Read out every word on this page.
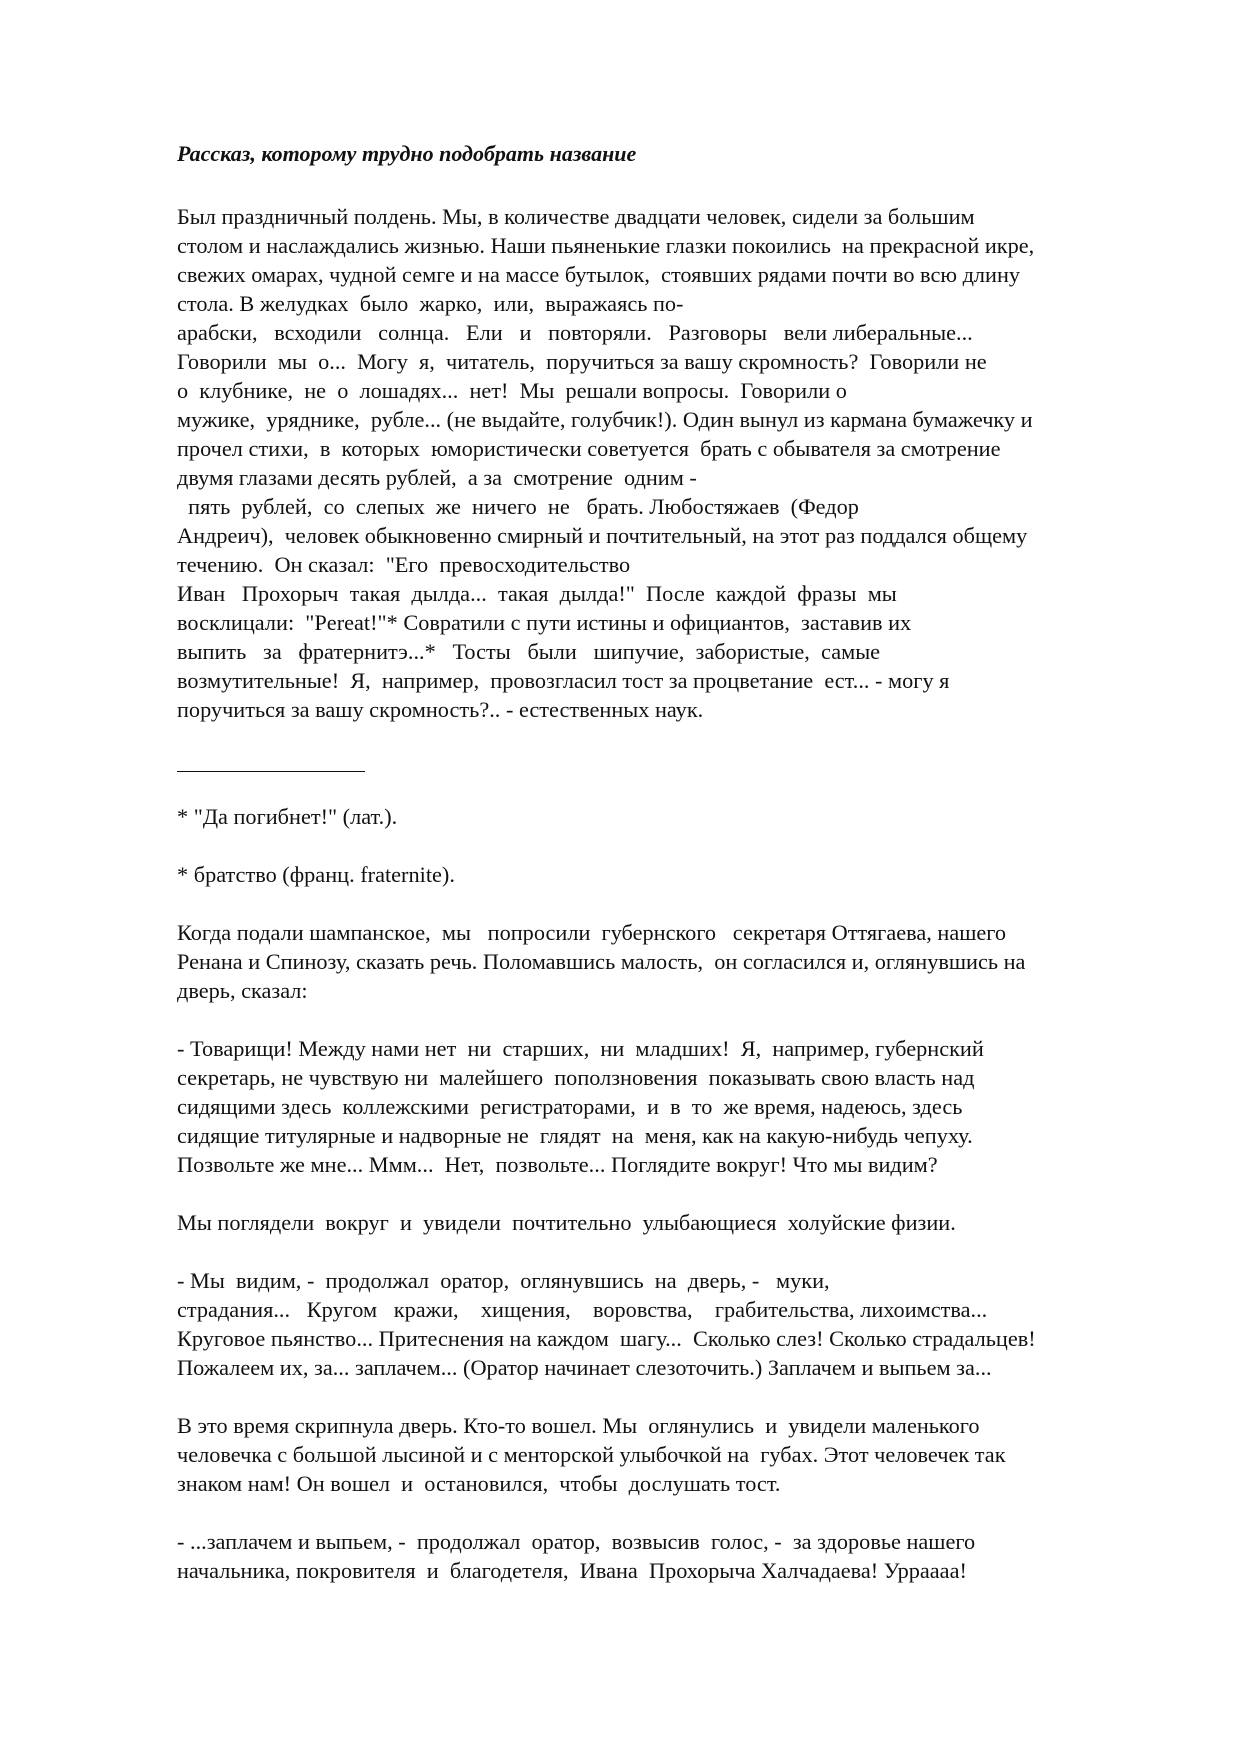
Рассказ, которому трудно подобрать название
Был праздничный полдень. Мы, в количестве двадцати человек, сидели за большим
столом и наслаждались жизнью. Наши пьяненькие глазки покоились  на прекрасной икре,
свежих омарах, чудной семге и на массе бутылок,  стоявших рядами почти во всю длину
стола. В желудках  было  жарко,  или,  выражаясь по-
арабски,   всходили   солнца.   Ели   и   повторяли.   Разговоры   вели либеральные...
Говорили  мы  о...  Могу  я,  читатель,  поручиться за вашу скромность?  Говорили не
о  клубнике,  не  о  лошадях...  нет!  Мы  решали вопросы.  Говорили о
мужике,  уряднике,  рубле... (не выдайте, голубчик!). Один вынул из кармана бумажечку и
прочел стихи,  в  которых  юмористически советуется  брать с обывателя за смотрение
двумя глазами десять рублей,  а за  смотрение  одним -
пять  рублей,  со  слепых  же  ничего  не   брать. Любостяжаев  (Федор
Андреич),  человек обыкновенно смирный и почтительный, на этот раз поддался общему
течению.  Он сказал:  "Его  превосходительство
Иван   Прохорыч  такая  дылда...  такая  дылда!"  После  каждой  фразы  мы
восклицали:  "Pereat!"* Совратили с пути истины и официантов,  заставив их
выпить   за   фратернитэ...*   Тосты   были   шипучие,  забористые,  самые
возмутительные!  Я,  например,  провозгласил тост за процветание  ест... - могу я
поручиться за вашу скромность?.. - естественных наук.
* "Да погибнет!" (лат.).
* братство (франц. fraternite).
Когда подали шампанское,  мы   попросили  губернского   секретаря Оттягаева, нашего
Ренана и Спинозу, сказать речь. Поломавшись малость,  он согласился и, оглянувшись на
дверь, сказал:
- Товарищи! Между нами нет  ни  старших,  ни  младших!  Я,  например, губернский
секретарь, не чувствую ни  малейшего  поползновения  показывать свою власть над
сидящими здесь  коллежскими  регистраторами,  и  в  то  же время, надеюсь, здесь
сидящие титулярные и надворные не  глядят  на  меня, как на какую-нибудь чепуху.
Позвольте же мне... Ммм...  Нет,  позвольте... Поглядите вокруг! Что мы видим?
Мы поглядели  вокруг  и  увидели  почтительно  улыбающиеся  холуйские физии.
- Мы  видим, -  продолжал  оратор,  оглянувшись  на  дверь, -   муки,
страдания...   Кругом   кражи,    хищения,    воровства,    грабительства, лихоимства...
Круговое пьянство... Притеснения на каждом  шагу...  Сколько слез! Сколько страдальцев!
Пожалеем их, за... заплачем... (Оратор начинает слезоточить.) Заплачем и выпьем за...
В это время скрипнула дверь. Кто-то вошел. Мы  оглянулись  и  увидели маленького
человечка с большой лысиной и с менторской улыбочкой на  губах. Этот человечек так
знаком нам! Он вошел  и  остановился,  чтобы  дослушать тост.
- ...заплачем и выпьем, -  продолжал  оратор,  возвысив  голос, -  за здоровье нашего
начальника, покровителя  и  благодетеля,  Ивана  Прохорыча Халчадаева! Урраааа!
